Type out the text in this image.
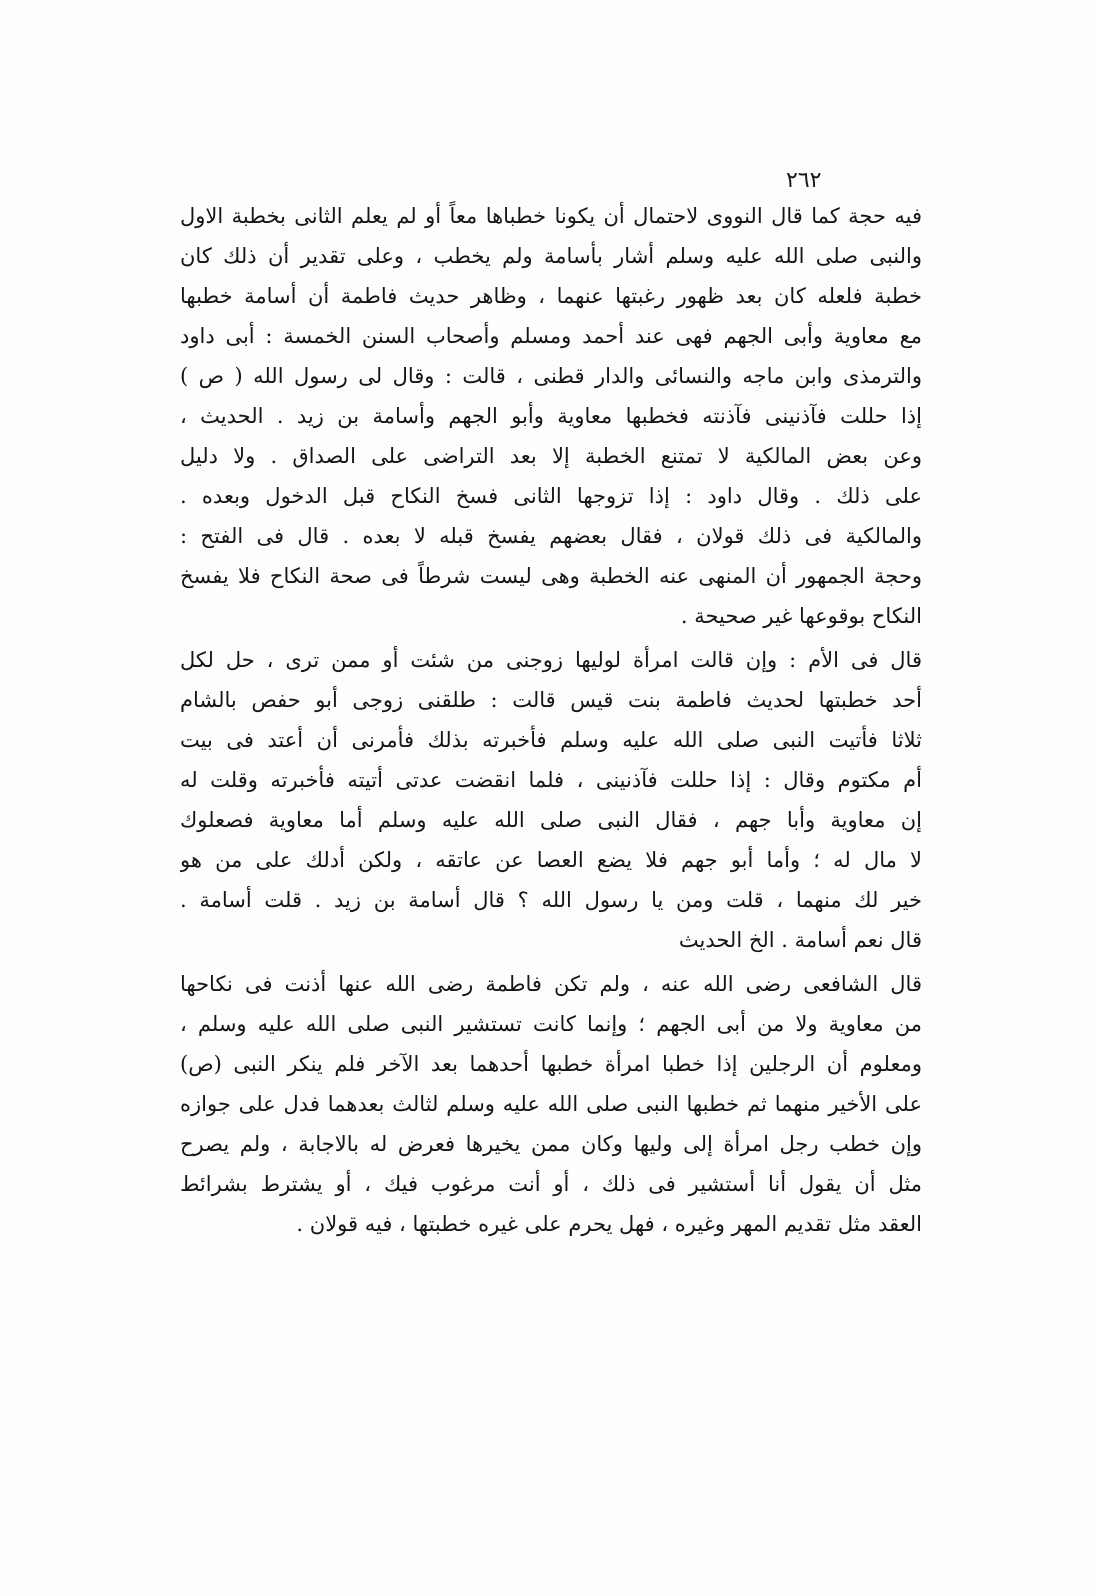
٢٦٢
فيه حجة كما قال النووى لاحتمال أن يكونا خطباها معاً أو لم يعلم الثانى بخطبة الاول
والنبى صلى الله عليه وسلم أشار بأسامة ولم يخطب ، وعلى تقدير أن ذلك كان
خطبة فلعله كان بعد ظهور رغبتها عنهما ، وظاهر حديث فاطمة أن أسامة خطبها
مع معاوية وأبى الجهم فهى عند أحمد ومسلم وأصحاب السنن الخمسة : أبى داود
والترمذى وابن ماجه والنسائى والدار قطنى ، قالت : وقال لى رسول الله ( ص )
إذا حللت فآذنينى فآذنته فخطبها معاوية وأبو الجهم وأسامة بن زيد . الحديث ،
وعن بعض المالكية لا تمتنع الخطبة إلا بعد التراضى على الصداق . ولا دليل
على ذلك . وقال داود : إذا تزوجها الثانى فسخ النكاح قبل الدخول وبعده .
والمالكية فى ذلك قولان ، فقال بعضهم يفسخ قبله لا بعده . قال فى الفتح :
وحجة الجمهور أن المنهى عنه الخطبة وهى ليست شرطاً فى صحة النكاح فلا يفسخ
النكاح بوقوعها غير صحيحة .
قال فى الأم : وإن قالت امرأة لوليها زوجنى من شئت أو ممن ترى ، حل لكل
أحد خطبتها لحديث فاطمة بنت قيس قالت : طلقنى زوجى أبو حفص بالشام
ثلاثا فأتيت النبى صلى الله عليه وسلم فأخبرته بذلك فأمرنى أن أعتد فى بيت
أم مكتوم وقال : إذا حللت فآذنينى ، فلما انقضت عدتى أتيته فأخبرته وقلت له
إن معاوية وأبا جهم ، فقال النبى صلى الله عليه وسلم أما معاوية فصعلوك
لا مال له ؛ وأما أبو جهم فلا يضع العصا عن عاتقه ، ولكن أدلك على من هو
خير لك منهما ، قلت ومن يا رسول الله ؟ قال أسامة بن زيد . قلت أسامة .
قال نعم أسامة . الخ الحديث
قال الشافعى رضى الله عنه ، ولم تكن فاطمة رضى الله عنها أذنت فى نكاحها
من معاوية ولا من أبى الجهم ؛ وإنما كانت تستشير النبى صلى الله عليه وسلم ،
ومعلوم أن الرجلين إذا خطبا امرأة خطبها أحدهما بعد الآخر فلم ينكر النبى (ص)
على الأخير منهما ثم خطبها النبى صلى الله عليه وسلم لثالث بعدهما فدل على جوازه
وإن خطب رجل امرأة إلى وليها وكان ممن يخيرها فعرض له بالاجابة ، ولم يصرح
مثل أن يقول أنا أستشير فى ذلك ، أو أنت مرغوب فيك ، أو يشترط بشرائط
العقد مثل تقديم المهر وغيره ، فهل يحرم على غيره خطبتها ، فيه قولان .
